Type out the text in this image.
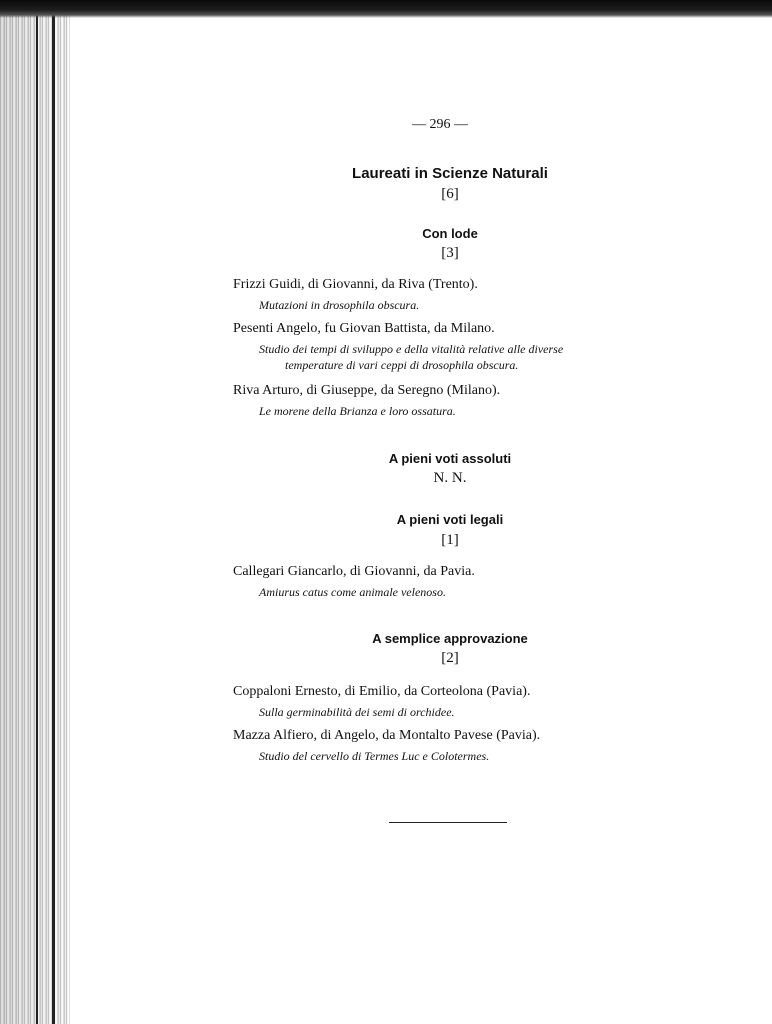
— 296 —
Laureati in Scienze Naturali
[6]
Con lode
[3]
Frizzi Guidi, di Giovanni, da Riva (Trento).
Mutazioni in drosophila obscura.
Pesenti Angelo, fu Giovan Battista, da Milano.
Studio dei tempi di sviluppo e della vitalità relative alle diverse
temperature di vari ceppi di drosophila obscura.
Riva Arturo, di Giuseppe, da Seregno (Milano).
Le morene della Brianza e loro ossatura.
A pieni voti assoluti
N. N.
A pieni voti legali
[1]
Callegari Giancarlo, di Giovanni, da Pavia.
Amiurus catus come animale velenoso.
A semplice approvazione
[2]
Coppaloni Ernesto, di Emilio, da Corteolona (Pavia).
Sulla germinabilità dei semi di orchidee.
Mazza Alfiero, di Angelo, da Montalto Pavese (Pavia).
Studio del cervello di Termes Luc e Colotermes.
